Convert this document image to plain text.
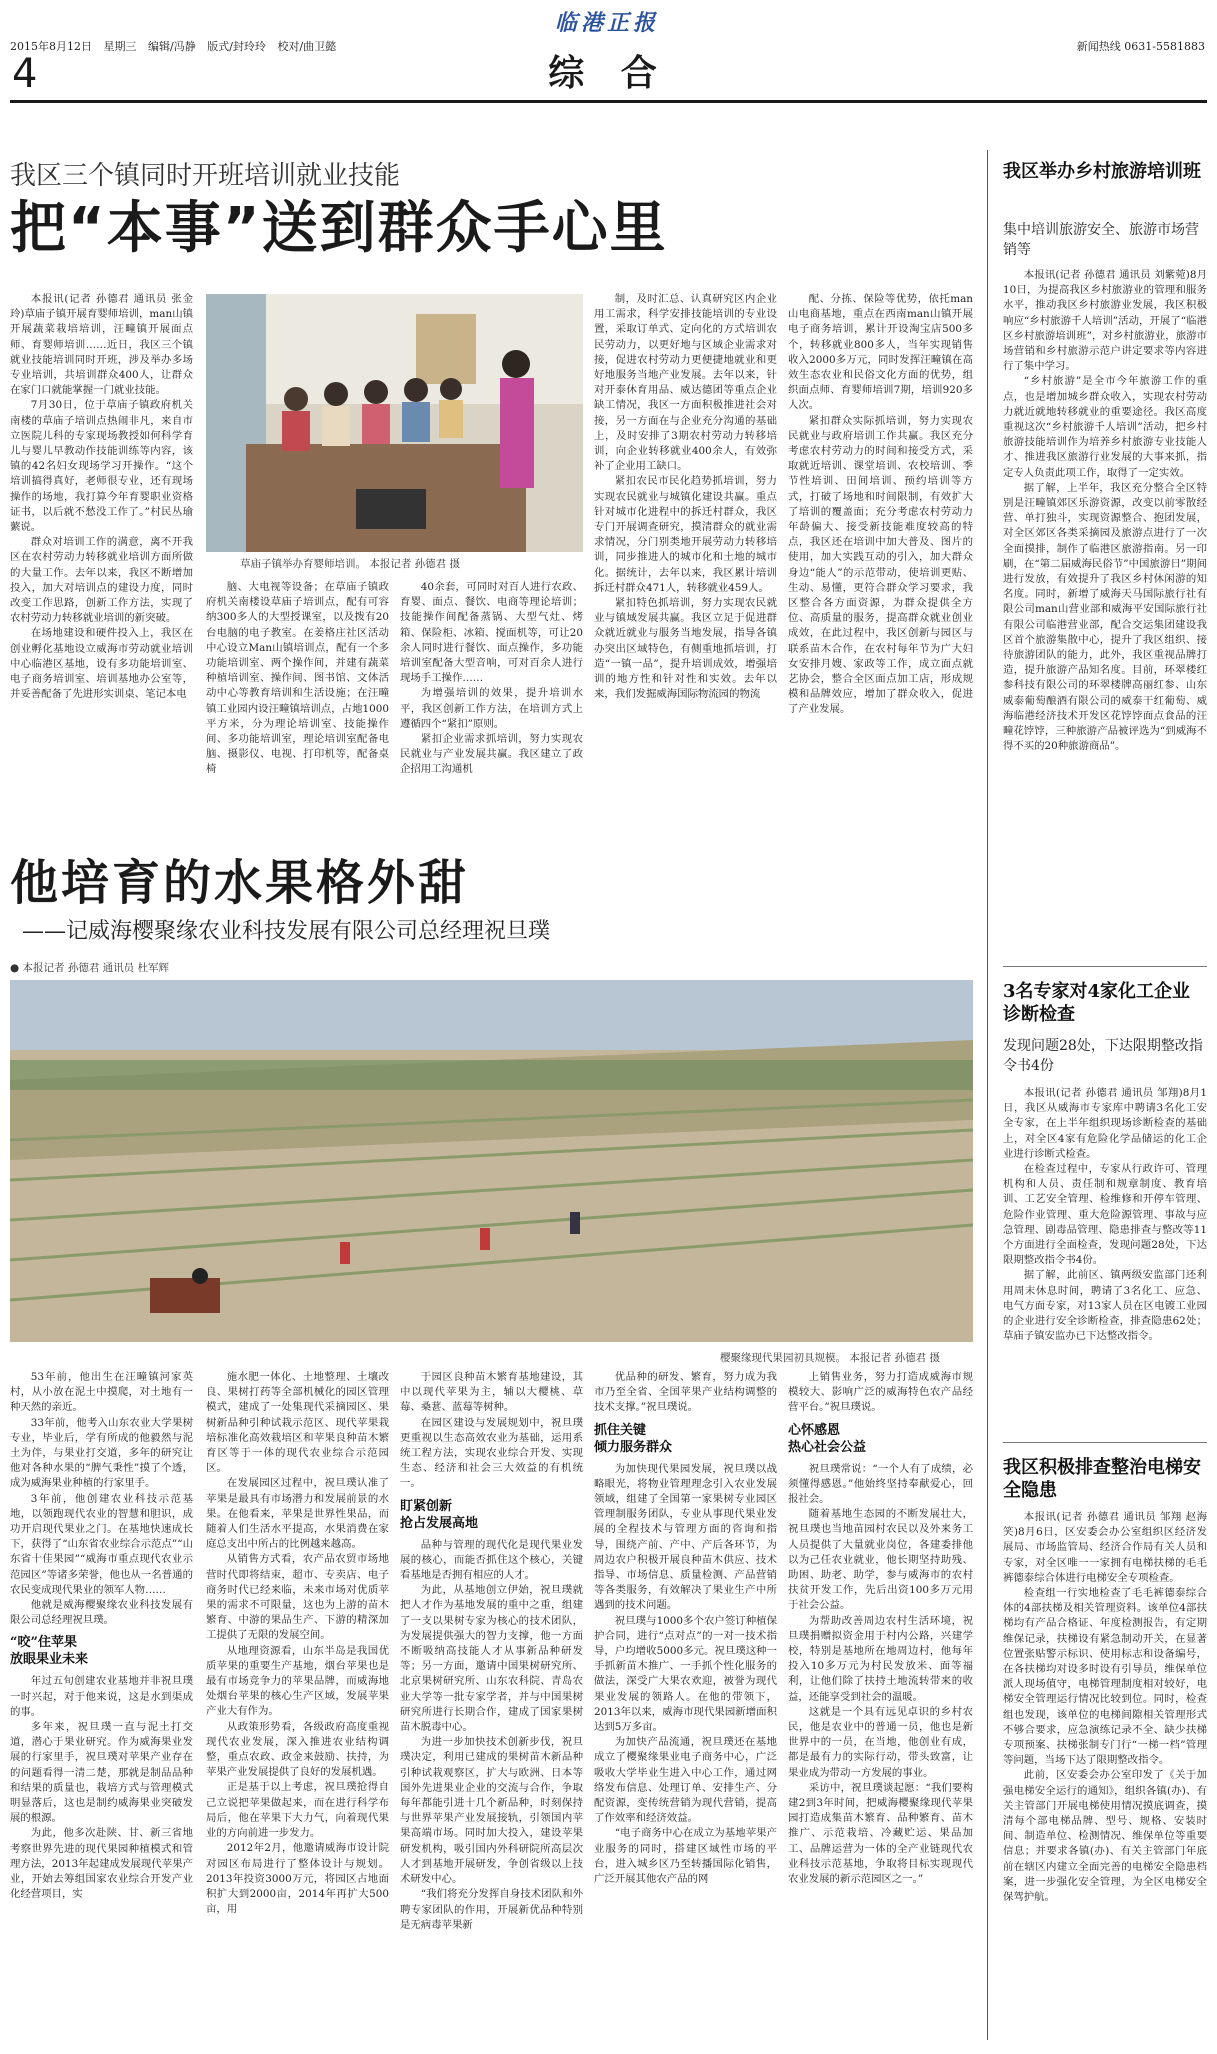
临港正报
2015年8月12日 星期三 编辑/冯静 版式/封玲玲 校对/曲卫懿	新闻热线 0631-5581883
4	综 合
我区三个镇同时开班培训就业技能
把“本事”送到群众手心里

本报讯(记者 孙德君 通讯员 张金玲)草庙子镇开展育婴师培训，man山镇开展蔬菜栽培培训，汪疃镇开展面点师、育婴师培训……近日，我区三个镇就业技能培训同时开班，涉及举办多场专业培训，共培训群众400人，让群众在家门口就能掌握一门就业技能。

7月30日，位于草庙子镇政府机关南楼的草庙子培训点热闹非凡，来自市立医院儿科的专家现场教授如何科学育儿与婴儿早教动作技能训练等内容，该镇的42名妇女现场学习开操作。“这个培训搞得真好，老师很专业，还有现场操作的场地，我打算今年育婴职业资格证书，以后就不愁没工作了。”村民丛瑜蘩说。

群众对培训工作的满意，离不开我区在农村劳动力转移就业培训方面所做的大量工作。去年以来，我区不断增加投入，加大对培训点的建设力度，同时改变工作思路，创新工作方法，实现了农村劳动力转移就业培训的新突破。

在场地建设和硬件投入上，我区在创业孵化基地设立威海市劳动就业培训中心临港区基地，设有多功能培训室、电子商务培训室、培训基地办公室等，并妥善配备了先进形实训桌、笔记本电

草庙子镇举办育婴师培训。 本报记者 孙德君 摄

脑、大电视等设备；在草庙子镇政府机关南楼设草庙子培训点，配有可容纳300多人的大型授课室，以及拨有20台电脑的电子教室。在姜格庄社区活动中心设立Man山镇培训点，配有一个多功能培训室、两个操作间，并建有蔬菜种植培训室、操作间、图书馆、文体活动中心等教育培训和生活设施；在汪疃镇工业园内设汪疃镇培训点，占地1000平方米，分为理论培训室、技能操作间、多功能培训室，理论培训室配备电脑、摄影仪、电视、打印机等，配备桌椅

40余套，可同时对百人进行农政、育婴、面点、餐饮、电商等理论培训；技能操作间配备蒸锅、大型气灶、烤箱、保险柜、冰箱、搅面机等，可让20余人同时进行餐饮、面点操作，多功能培训室配备大型音响，可对百余人进行现场手工操作……

为增强培训的效果，提升培训水平，我区创新工作方法，在培训方式上遵循四个“紧扣”原则。

紧扣企业需求抓培训，努力实现农民就业与产业发展共赢。我区建立了政企招用工沟通机

制，及时汇总、认真研究区内企业用工需求，科学安排技能培训的专业设置，采取订单式、定向化的方式培训农民劳动力，以更好地与区域企业需求对接，促进农村劳动力更便捷地就业和更好地服务当地产业发展。去年以来，针对开泰休育用品、威达德团等重点企业缺工情况，我区一方面积极推进社会对接，另一方面在与企业充分沟通的基础上，及时安排了3期农村劳动力转移培训，向企业转移就业400余人，有效弥补了企业用工缺口。

紧扣农民市民化趋势抓培训，努力实现农民就业与城镇化建设共赢。重点针对城市化进程中的拆迁村群众，我区专门开展调查研究，摸清群众的就业需求情况，分门别类地开展劳动力转移培训，同步推进人的城市化和土地的城市化。据统计，去年以来，我区累计培训拆迁村群众471人，转移就业459人。

紧扣特色抓培训，努力实现农民就业与镇域发展共赢。我区立足于促进群众就近就业与服务当地发展，指导各镇办突出区域特色，有侧重地抓培训，打造“一镇一品”，提升培训成效，增强培训的地方性和针对性和实效。去年以来，我们发掘威海国际物流园的物流

配、分拣、保险等优势，依托man山电商基地，重点在西南man山镇开展电子商务培训，累计开设淘宝店500多个，转移就业800多人，当年实现销售收入2000多万元，同时发挥汪疃镇在高效生态农业和民俗文化方面的优势，组织面点师、育婴师培训7期，培训920多人次。

紧扣群众实际抓培训，努力实现农民就业与政府培训工作共赢。我区充分考虑农村劳动力的时间和接受方式，采取就近培训、课堂培训、农校培训、季节性培训、田间培训、预约培训等方式，打破了场地和时间限制，有效扩大了培训的覆盖面；充分考虑农村劳动力年龄偏大、接受新技能难度较高的特点，我区还在培训中加大普及、图片的使用，加大实践互动的引入，加大群众身边“能人”的示范带动，使培训更贴、生动、易懂，更符合群众学习要求，我区整合各方面资源，为群众提供全方位、高质量的服务，提高群众就业创业成效，在此过程中，我区创新与园区与联系苗木合作，在农村每年节为广大妇女安排月嫂、家政等工作，成立面点就艺协会，整合全区面点加工店，形成规模和品牌效应，增加了群众收入，促进了产业发展。

我区举办乡村旅游培训班
集中培训旅游安全、旅游市场营销等

本报讯(记者 孙德君 通讯员 刘紫菀)8月10日，为提高我区乡村旅游业的管理和服务水平，推动我区乡村旅游业发展，我区积极响应“乡村旅游千人培训”活动，开展了“临港区乡村旅游培训班”，对乡村旅游业，旅游市场营销和乡村旅游示范户讲定要求等内容进行了集中学习。

“乡村旅游”是全市今年旅游工作的重点，也是增加城乡群众收入，实现农村劳动力就近就地转移就业的重要途径。我区高度重视这次“乡村旅游千人培训”活动，把乡村旅游技能培训作为培养乡村旅游专业技能人才、推进我区旅游行业发展的大事来抓，指定专人负责此项工作，取得了一定实效。

据了解，上半年，我区充分整合全区特别是汪疃镇郊区乐游资源，改变以前零散经营、单打独斗，实现资源整合、抱团发展，对全区郊区各类采摘园及旅游点进行了一次全面摸排，制作了临港区旅游指南。另一印刷，在“第二届威海民俗节”中国旅游日”期间进行发放，有效提升了我区乡村休闲游的知名度。同时，新增了威海天马国际旅行社有限公司man山营业部和威海平安国际旅行社有限公司临港营业部，配合交运集团建设我区首个旅游集散中心，提升了我区组织、接待旅游团队的能力，此外，我区重视品牌打造，提升旅游产品知名度。目前，环翠楼红参科技有限公司的环翠楼牌高丽红参、山东威泰葡萄酿酒有限公司的威泰干红葡萄、威海临港经济技术开发区花饽饽面点食品的汪疃花饽饽，三种旅游产品被评选为“到威海不得不买的20种旅游商品”。

他培育的水果格外甜
——记威海樱聚缘农业科技发展有限公司总经理祝旦璞
● 本报记者 孙德君 通讯员 杜军辉
樱聚缘现代果园初具规模。 本报记者 孙德君 摄

53年前，他出生在汪疃镇河家英村，从小放在泥土中摸爬，对土地有一种天然的亲近。

33年前，他考入山东农业大学果树专业，毕业后，学有所成的他毅然与泥土为伴，与果业打交道，多年的研究让他对各种水果的“脾气秉性”摸了个透，成为威海果业种植的行家里手。

3年前，他创建农业科技示范基地，以领跑现代农业的智慧和胆识，成功开启现代果业之门。在基地快速成长下，获得了“山东省农业综合示范点”“山东省十佳果园”“威海市重点现代农业示范园区”等诸多荣誉，他也从一名普通的农民变成现代果业的领军人物……

他就是威海樱聚缘农业科技发展有限公司总经理祝旦璞。

“咬”住苹果
放眼果业未来

年过五旬创建农业基地并非祝旦璞一时兴起，对于他来说，这是水到渠成的事。

多年来，祝旦璞一直与泥土打交道，潜心于果业研究。作为威海果业发展的行家里手，祝旦璞对苹果产业存在的问题看得一清二楚，那就是制品品种和结果的质量也，栽培方式与管理模式明显落后，这也是制约威海果业突破发展的根源。

为此，他多次赴陕、甘、新三省地考察世界先进的现代果园种植模式和管理方法，2013年起建成发展现代苹果产业，开始去筹组国家农业综合开发产业化经营项目，实

施水肥一体化、土地整理、土壤改良、果树打药等全部机械化的园区管理模式，建成了一处集现代采摘园区、果树新品种引种试栽示范区、现代苹果栽培标准化高效栽培区和苹果良种苗木繁育区等于一体的现代农业综合示范园区。

在发展园区过程中，祝旦璞认准了苹果是最具有市场潜力和发展前景的水果。在他看来，苹果是世界性果品，而随着人们生活水平提高，水果消费在家庭总支出中所占的比例越来越高。

从销售方式看，农产品农贸市场地营时代即将结束，超市、专卖店、电子商务时代已经来临，未来市场对优质苹果的需求不可限量，这也为上游的苗木繁育、中游的果品生产、下游的精深加工提供了无限的发展空间。

从地理资源看，山东半岛是我国优质苹果的重要生产基地，烟台苹果也是最有市场竞争力的苹果品牌，而威海地处烟台苹果的核心生产区域，发展苹果产业大有作为。

从政策形势看，各级政府高度重视现代农业发展，深入推进农业结构调整，重点农政、政金来鼓励、扶持，为苹果产业发展提供了良好的发展机遇。

正是基于以上考虑，祝旦璞抢得自己立说把苹果做起来，而在进行科学布局后，他在苹果下大力气，向着现代果业的方向前进一步发力。

2012年2月，他邀请威海市设计院对园区布局进行了整体设计与规划。2013年投资3000万元，将园区占地面积扩大到2000亩，2014年再扩大500亩，用

于园区良种苗木繁育基地建设，其中以现代苹果为主，辅以大樱桃、草莓、桑葚、蓝莓等树种。

在园区建设与发展规划中，祝旦璞更重视以生态高效农业为基础，运用系统工程方法，实现农业综合开发、实现生态、经济和社会三大效益的有机统一。

盯紧创新
抢占发展高地

品种与管理的现代化是现代果业发展的核心，而能否抓住这个核心，关键看基地是否拥有相应的人才。

为此，从基地创立伊始，祝旦璞就把人才作为基地发展的重中之重，组建了一支以果树专家为核心的技术团队，为发展提供强大的智力支撑，他一方面不断吸纳高技能人才从事新品种研发等；另一方面，邀请中国果树研究所、北京果树研究所、山东农科院、青岛农业大学等一批专家学者，并与中国果树研究所进行长期合作，建成了国家果树苗木脱毒中心。

为进一步加快技术创新步伐，祝旦璞决定，利用已建成的果树苗木新品种引种试栽观察区，扩大与欧洲、日本等国外先进果业企业的交流与合作，争取每年都能引进十几个新品种，时刻保持与世界苹果产业发展接轨，引领国内苹果高端市场。同时加大投入，建设苹果研发机构，吸引国内外科研院所高层次人才到基地开展研发，争创省级以上技术研发中心。

“我们将充分发挥自身技术团队和外聘专家团队的作用，开展新优品种特别是无病毒苹果新

优品种的研发、繁育，努力成为我市乃至全省、全国苹果产业结构调整的技术支撑。”祝旦璞说。

抓住关键
倾力服务群众

为加快现代果园发展，祝旦璞以战略眼光，将物业管理理念引入农业发展领域，组建了全国第一家果树专业园区管理制服务团队，专业从事现代果业发展的全程技术与管理方面的咨询和指导，围绕产前、产中、产后各环节，为周边农户积极开展良种苗木供应、技术指导、市场信息、质量检测、产品营销等各类服务，有效解决了果业生产中所遇到的技术问题。

祝旦璞与1000多个农户签订种植保护合同，进行“点对点”的一对一技术指导，户均增收5000多元。祝旦璞这种一手抓新苗木推广、一手抓个性化服务的做法，深受广大果农欢迎，被誉为现代果业发展的领路人。在他的带领下，2013年以来，威海市现代果园新增面积达到5万多亩。

为加快产品流通，祝旦璞还在基地成立了樱聚缘果业电子商务中心，广泛吸收大学毕业生进入中心工作，通过网络发布信息、处理订单、安排生产、分配资源，变传统营销为现代营销，提高了作效率和经济效益。

“电子商务中心在成立为基地苹果产业服务的同时，搭建区域性市场的平台，进入城乡区乃至转播国际化销售，广泛开展其他农产品的网

上销售业务，努力打造成威海市规模较大、影响广泛的威海特色农产品经营平台。”祝旦璞说。

心怀感恩
热心社会公益

祝旦璞常说：“一个人有了成绩，必须懂得感恩。”他始终坚持奉献爱心，回报社会。

随着基地生态园的不断发展壮大，祝旦璞也当地苗园村农民以及外来务工人员提供了大量就业岗位，各建委排他以为己任农业就业，他长期坚持助残、助困、助老、助学，参与威海市的农村扶贫开发工作，先后出资100多万元用于社会公益。

为帮助改善周边农村生活环境，祝旦璞捐赠拟资金用于村内公路，兴建学校，特别是基地所在地周边村，他每年投入10多万元为村民发放米、面等福利，让他们除了扶持土地流转带来的收益，还能享受到社会的温暖。

这就是一个具有远见卓识的乡村农民，他是农业中的普通一员，他也是新世界中的一员，在当地，他创业有成，都是最有力的实际行动，带头致富，让果业成为带动一方发展的事业。

采访中，祝旦璞谈起愿：“我们要构建2到3年时间，把威海樱聚缘现代苹果园打造成集苗木繁育、品种繁育、苗木推广、示范栽培、冷藏贮运、果品加工、品牌运营为一体的全产业链现代农业科技示范基地，争取将目标实现现代农业发展的新示范园区之一。”

3名专家对4家化工企业诊断检查
发现问题28处，下达限期整改指令书4份

本报讯(记者 孙德君 通讯员 邹翔)8月1日，我区从威海市专家库中聘请3名化工安全专家，在上半年组织现场诊断检查的基础上，对全区4家有危险化学品储运的化工企业进行诊断式检查。

在检查过程中，专家从行政许可、管理机构和人员、责任制和规章制度、教育培训、工艺安全管理、检维修和开停车管理、危险作业管理、重大危险源管理、事故与应急管理、剧毒品管理、隐患排查与整改等11个方面进行全面检查，发现问题28处，下达限期整改指令书4份。

据了解，此前区、镇两级安监部门还利用周末休息时间，聘请了3名化工、应急、电气方面专家，对13家人员在区电镀工业园的企业进行安全诊断检查，排查隐患62处；草庙子镇安监办已下达整改指令。

我区积极排查整治电梯安全隐患

本报讯(记者 孙德君 通讯员 邹翔 赵海笑)8月6日，区安委会办公室组织区经济发展局、市场监管局、经济合作局有关人员和专家，对全区唯一一家拥有电梯扶梯的毛毛裤德泰综合体进行电梯安全专项检查。

检查组一行实地检查了毛毛裤德泰综合体的4部扶梯及相关管理资料。该单位4部扶梯均有产品合格证、年度检测报告，有定期维保记录，扶梯设有紧急制动开关，在显著位置张贴警示标识、使用标志和设备编号，在各扶梯均对设多时设有引导员，维保单位派人现场值守，电梯管理制度相对较好，电梯安全管理运行情况比较到位。同时，检查组也发现，该单位的电梯间隙相关管理形式不够合要求，应急演练记录不全、缺少扶梯专项预案、扶梯张制专门行“一梯一档”管理等问题，当场下达了限期整改指令。

此前，区安委会办公室印发了《关于加强电梯安全运行的通知》，组织各镇(办)、有关主管部门开展电梯使用情况摸底调查，摸清每个部电梯品牌、型号、规格、安装时间、制造单位、检测情况、维保单位等重要信息；并要求各镇(办)、有关主管部门年底前在辖区内建立全面完善的电梯安全隐患档案，进一步强化安全管理，为全区电梯安全保驾护航。
